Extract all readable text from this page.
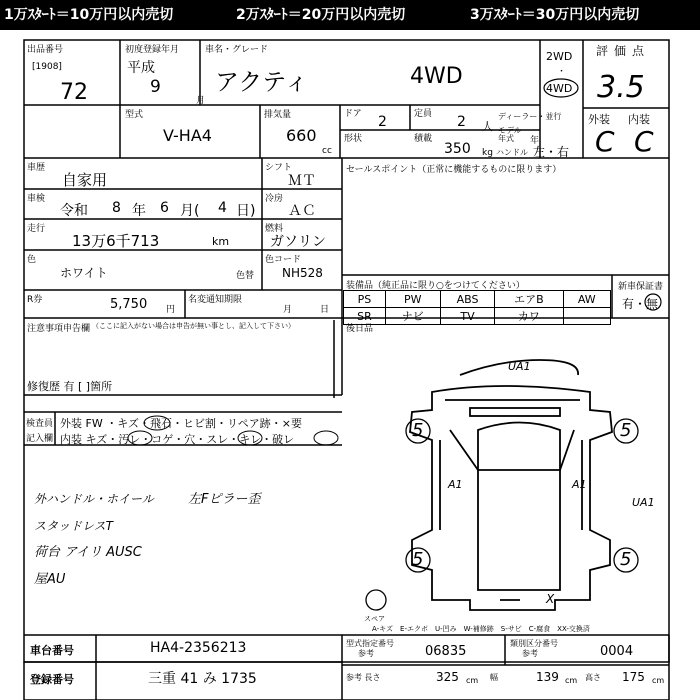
1万ｽﾀｰﾄ＝10万円以内売切	2万ｽﾀｰﾄ＝20万円以内売切	3万ｽﾀｰﾄ＝30万円以内売切
出品番号
[1908]
72
初度登録年月
平成
9
月
車名・グレード
アクティ	4WD
2WD
・
4WD
評価点
3.5
外装 内装
C C
型式
V-HA4
排気量
660
cc
ドア 2	定員 2 人
ディーラー・並行
形状	積載
350 kg
モデル
年式 年
ハンドル 左・右
車歴
自家用
シフト
ＭＴ
車検
令和 8 年 6 月( 4 日)
冷房
ＡＣ
走行
13万6千713	km
燃料
ガソリン
色
ホワイト	色替
色コード
NH528
R券	5,750 円
名変通知期限
月	日
注意事項申告欄 （ここに記入がない場合は申告が無い事とし、記入して下さい）
修復歴 有 [ ]箇所
セールスポイント（正常に機能するものに限ります）
装備品（純正品に限り○をつけてください）
PS	PW	ABS	エアB	AW
SR	ナビ	TV	カワ	
新車保証書
有・無
後日品
検査員
記入欄
外装 FW ・キズ・飛石・ヒビ割・リペア跡・×要
内装 キズ・汚レ・コゲ・穴・スレ・キレ・破レ
外ハンドル・ホイール	左Fピラー歪
スタッドレスT
荷台 アイリ AUSC
屋AU
UA1
UA1
A1	A1
5	5
5	5
スペア
X
A-キズ　E-エクボ　U-凹み　W-補修跡　S-サビ　C-腐食　XX-交換済
車台番号	HA4-2356213
登録番号	三重 41 み 1735
型式指定番号
参考	06835
類別区分番号
参考	0004
参考 長さ	325 cm 幅	139 cm 高さ 175 cm
